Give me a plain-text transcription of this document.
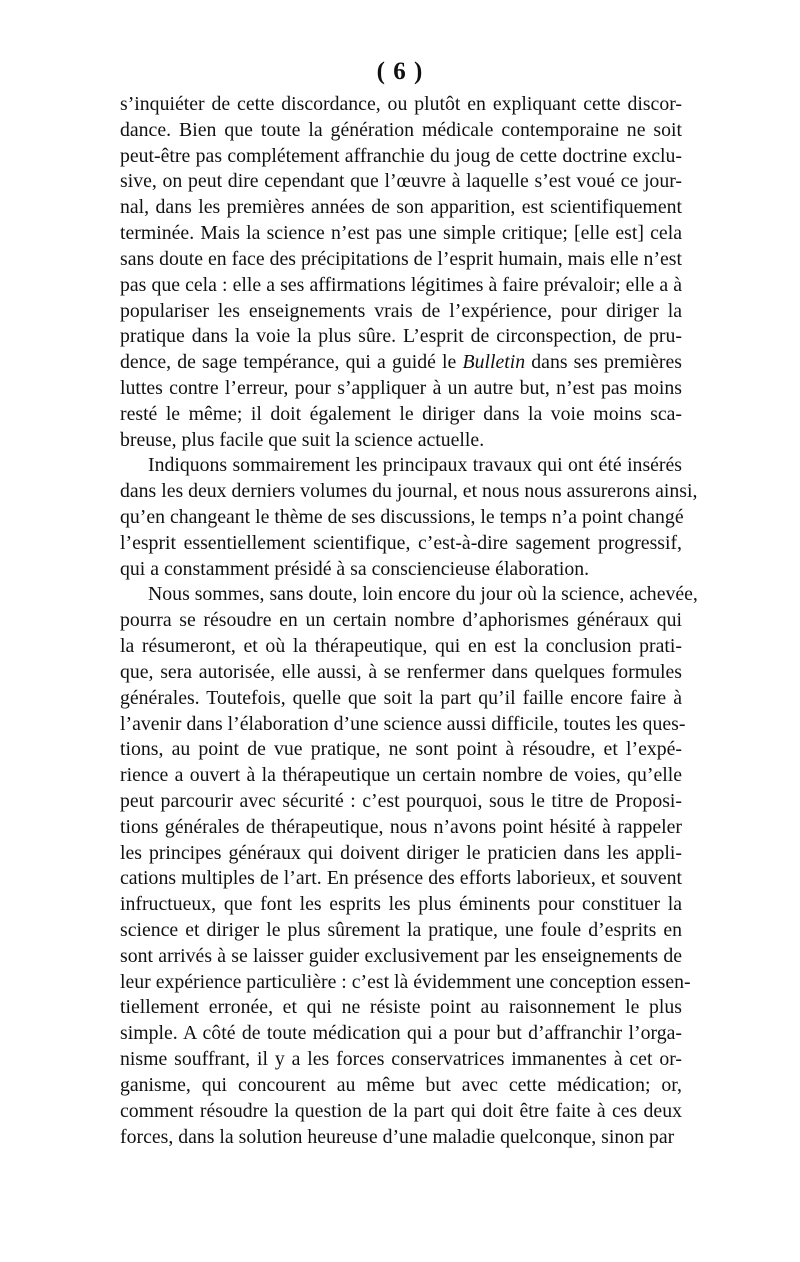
( 6 )
s’inquiéter de cette discordance, ou plutôt en expliquant cette discor-
dance. Bien que toute la génération médicale contemporaine ne soit
peut-être pas complétement affranchie du joug de cette doctrine exclu-
sive, on peut dire cependant que l’œuvre à laquelle s’est voué ce jour-
nal, dans les premières années de son apparition, est scientifiquement
terminée. Mais la science n’est pas une simple critique; [elle est] cela
sans doute en face des précipitations de l’esprit humain, mais elle n’est
pas que cela : elle a ses affirmations légitimes à faire prévaloir; elle a à
populariser les enseignements vrais de l’expérience, pour diriger la
pratique dans la voie la plus sûre. L’esprit de circonspection, de pru-
dence, de sage tempérance, qui a guidé le Bulletin dans ses premières
luttes contre l’erreur, pour s’appliquer à un autre but, n’est pas moins
resté le même; il doit également le diriger dans la voie moins sca-
breuse, plus facile que suit la science actuelle.
Indiquons sommairement les principaux travaux qui ont été insérés
dans les deux derniers volumes du journal, et nous nous assurerons ainsi,
qu’en changeant le thème de ses discussions, le temps n’a point changé
l’esprit essentiellement scientifique, c’est-à-dire sagement progressif,
qui a constamment présidé à sa consciencieuse élaboration.
Nous sommes, sans doute, loin encore du jour où la science, achevée,
pourra se résoudre en un certain nombre d’aphorismes généraux qui
la résumeront, et où la thérapeutique, qui en est la conclusion prati-
que, sera autorisée, elle aussi, à se renfermer dans quelques formules
générales. Toutefois, quelle que soit la part qu’il faille encore faire à
l’avenir dans l’élaboration d’une science aussi difficile, toutes les ques-
tions, au point de vue pratique, ne sont point à résoudre, et l’expé-
rience a ouvert à la thérapeutique un certain nombre de voies, qu’elle
peut parcourir avec sécurité : c’est pourquoi, sous le titre de Proposi-
tions générales de thérapeutique, nous n’avons point hésité à rappeler
les principes généraux qui doivent diriger le praticien dans les appli-
cations multiples de l’art. En présence des efforts laborieux, et souvent
infructueux, que font les esprits les plus éminents pour constituer la
science et diriger le plus sûrement la pratique, une foule d’esprits en
sont arrivés à se laisser guider exclusivement par les enseignements de
leur expérience particulière : c’est là évidemment une conception essen-
tiellement erronée, et qui ne résiste point au raisonnement le plus
simple. A côté de toute médication qui a pour but d’affranchir l’orga-
nisme souffrant, il y a les forces conservatrices immanentes à cet or-
ganisme, qui concourent au même but avec cette médication; or,
comment résoudre la question de la part qui doit être faite à ces deux
forces, dans la solution heureuse d’une maladie quelconque, sinon par
